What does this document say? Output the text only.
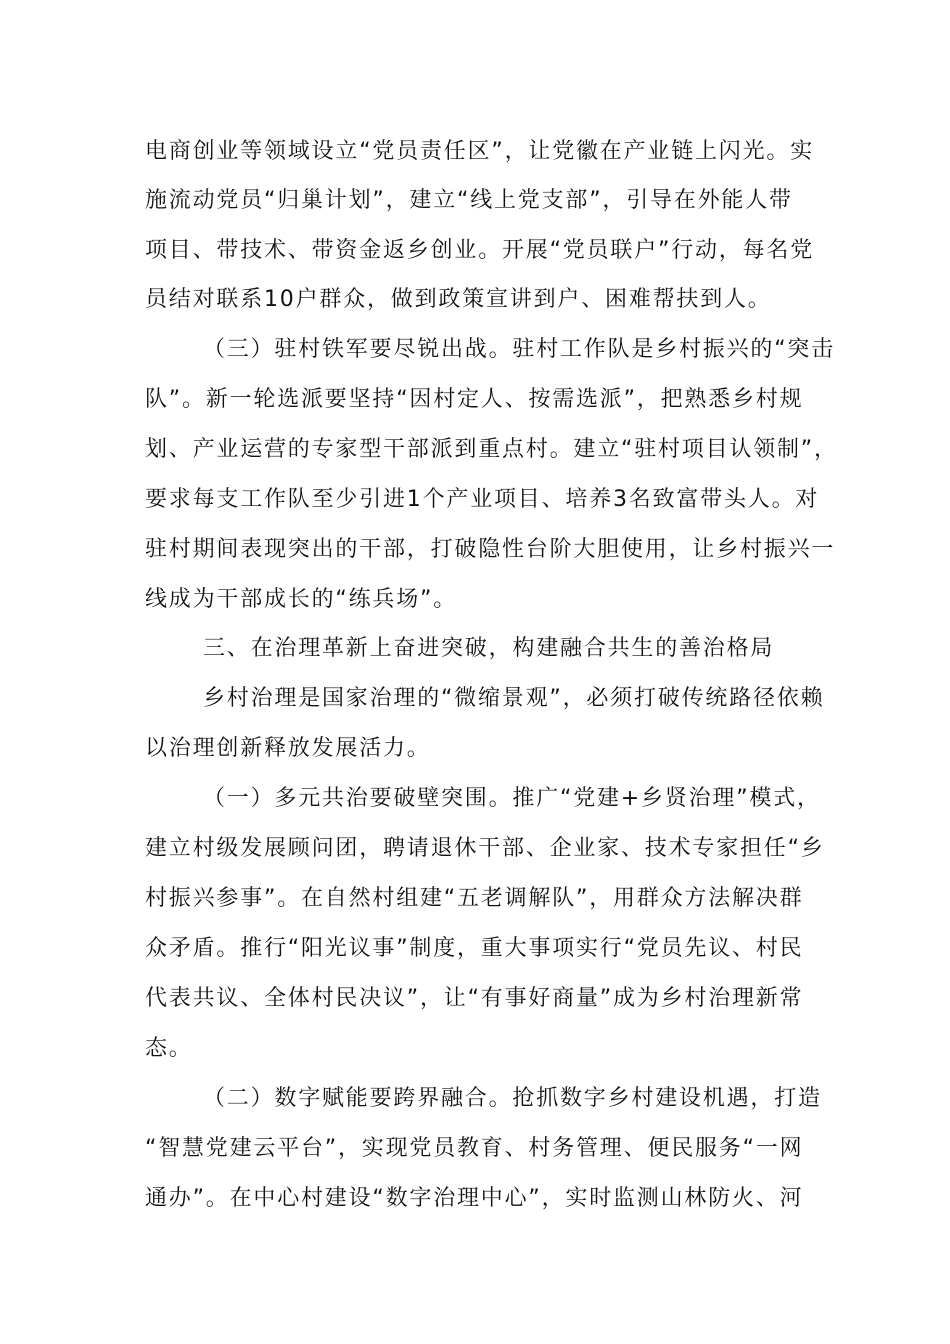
电商创业等领域设立“党员责任区”，让党徽在产业链上闪光。实
施流动党员“归巢计划”，建立“线上党支部”，引导在外能人带
项目、带技术、带资金返乡创业。开展“党员联户”行动，每名党
员结对联系10户群众，做到政策宣讲到户、困难帮扶到人。
（三）驻村铁军要尽锐出战。驻村工作队是乡村振兴的“突击
队”。新一轮选派要坚持“因村定人、按需选派”，把熟悉乡村规
划、产业运营的专家型干部派到重点村。建立“驻村项目认领制”，
要求每支工作队至少引进1个产业项目、培养3名致富带头人。对
驻村期间表现突出的干部，打破隐性台阶大胆使用，让乡村振兴一
线成为干部成长的“练兵场”。
三、在治理革新上奋进突破，构建融合共生的善治格局
乡村治理是国家治理的“微缩景观”，必须打破传统路径依赖
以治理创新释放发展活力。
（一）多元共治要破壁突围。推广“党建+乡贤治理”模式，
建立村级发展顾问团，聘请退休干部、企业家、技术专家担任“乡
村振兴参事”。在自然村组建“五老调解队”，用群众方法解决群
众矛盾。推行“阳光议事”制度，重大事项实行“党员先议、村民
代表共议、全体村民决议”，让“有事好商量”成为乡村治理新常
态。
（二）数字赋能要跨界融合。抢抓数字乡村建设机遇，打造
“智慧党建云平台”，实现党员教育、村务管理、便民服务“一网
通办”。在中心村建设“数字治理中心”，实时监测山林防火、河
